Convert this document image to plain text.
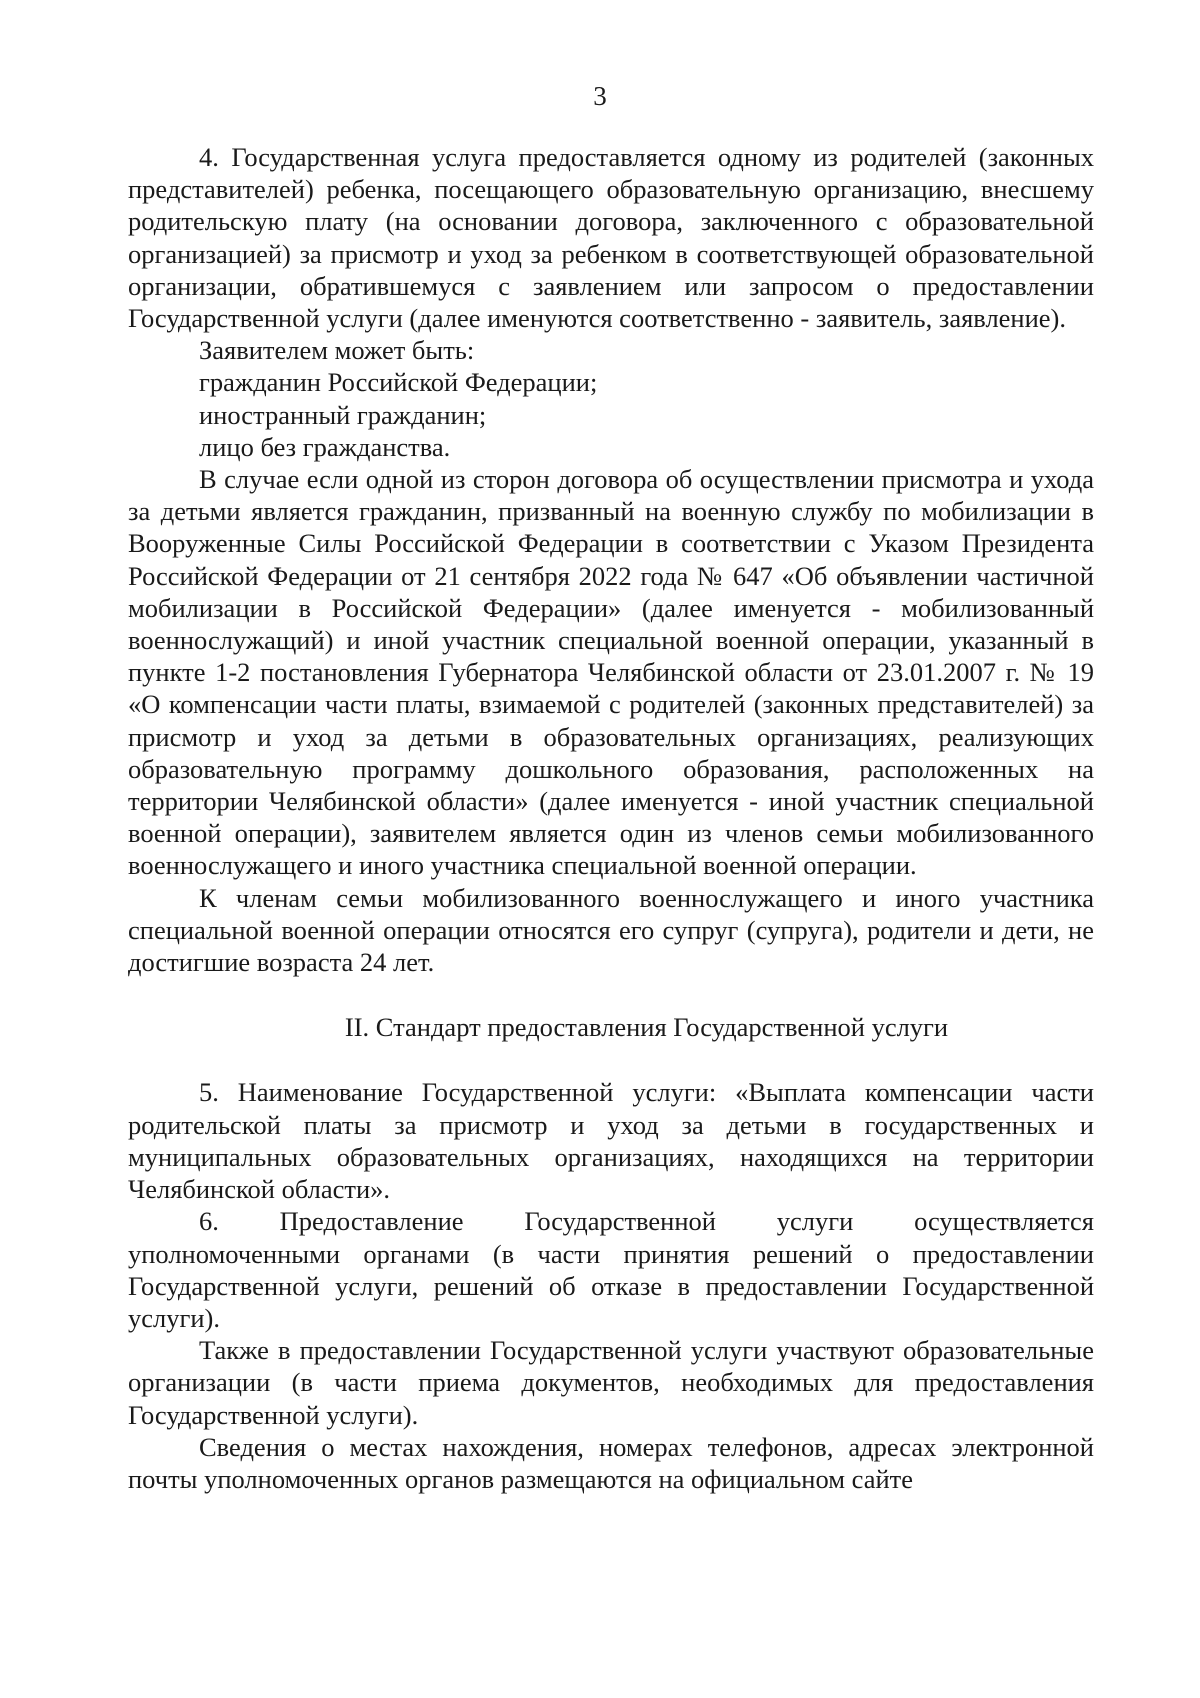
3

4. Государственная услуга предоставляется одному из родителей (законных представителей) ребенка, посещающего образовательную организацию, внесшему родительскую плату (на основании договора, заключенного с образовательной организацией) за присмотр и уход за ребенком в соответствующей образовательной организации, обратившемуся с заявлением или запросом о предоставлении Государственной услуги (далее именуются соответственно - заявитель, заявление).

Заявителем может быть:

гражданин Российской Федерации;

иностранный гражданин;

лицо без гражданства.

В случае если одной из сторон договора об осуществлении присмотра и ухода за детьми является гражданин, призванный на военную службу по мобилизации в Вооруженные Силы Российской Федерации в соответствии с Указом Президента Российской Федерации от 21 сентября 2022 года № 647 «Об объявлении частичной мобилизации в Российской Федерации» (далее именуется - мобилизованный военнослужащий) и иной участник специальной военной операции, указанный в пункте 1-2 постановления Губернатора Челябинской области от 23.01.2007 г. № 19 «О компенсации части платы, взимаемой с родителей (законных представителей) за присмотр и уход за детьми в образовательных организациях, реализующих образовательную программу дошкольного образования, расположенных на территории Челябинской области» (далее именуется - иной участник специальной военной операции), заявителем является один из членов семьи мобилизованного военнослужащего и иного участника специальной военной операции.

К членам семьи мобилизованного военнослужащего и иного участника специальной военной операции относятся его супруг (супруга), родители и дети, не достигшие возраста 24 лет.

II. Стандарт предоставления Государственной услуги

5. Наименование Государственной услуги: «Выплата компенсации части родительской платы за присмотр и уход за детьми в государственных и муниципальных образовательных организациях, находящихся на территории Челябинской области».

6. Предоставление Государственной услуги осуществляется уполномоченными органами (в части принятия решений о предоставлении Государственной услуги, решений об отказе в предоставлении Государственной услуги).

Также в предоставлении Государственной услуги участвуют образовательные организации (в части приема документов, необходимых для предоставления Государственной услуги).

Сведения о местах нахождения, номерах телефонов, адресах электронной почты уполномоченных органов размещаются на официальном сайте
